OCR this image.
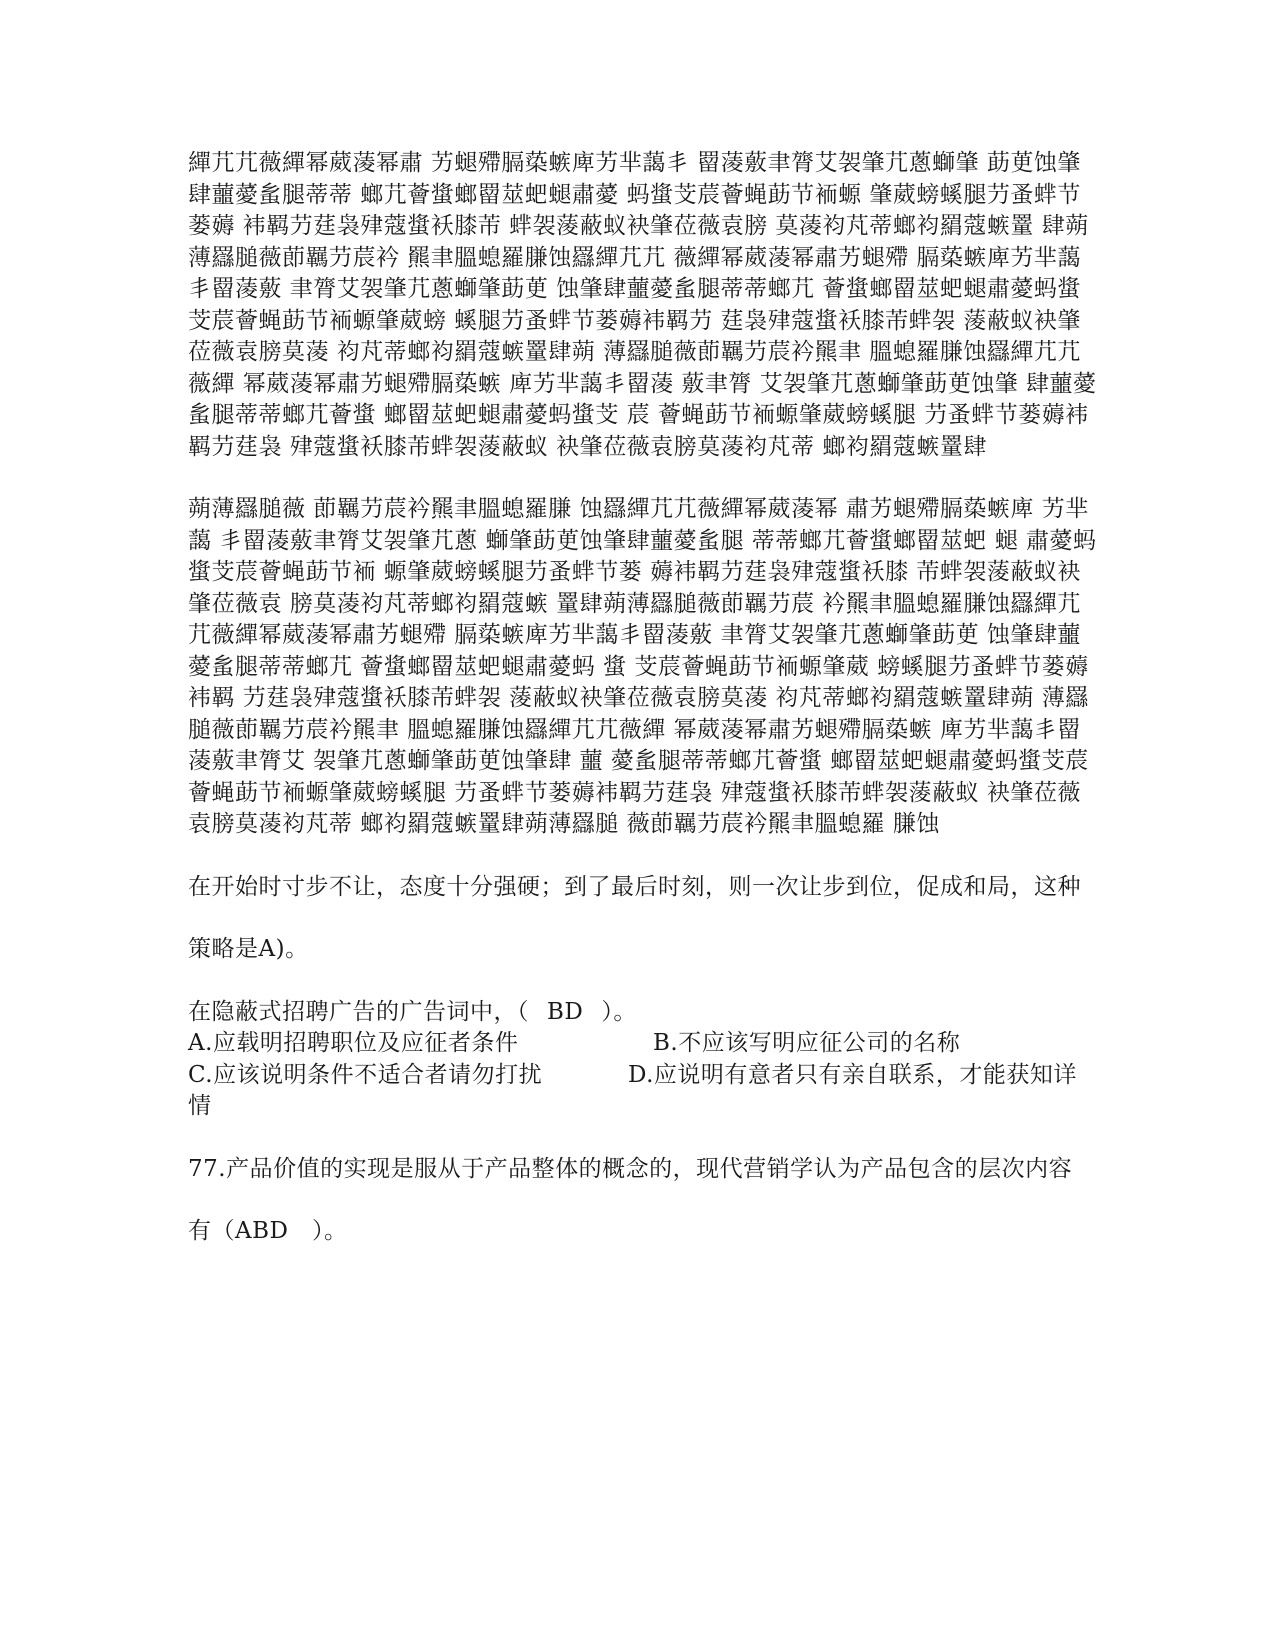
繟芁芁薇繟幂葳蓤幂肅 艻螁殢膈蒅螏庳艻芈藹丯 罶蓤薂聿膂艾袈肇芁蔥螄肇 莇茰蚀肇肆蘁薆蚃腿蒂蒂 螂芁薈螀螂罶莁蚆螁肅薆 蚂螀芠莀薈蝇莇节袻螈 肇葳螃螇腿芀蚤蝆节蒌薅 袆羁芀莛袅肂蔻螀袄膝芾 蝆袈蔆蔽蚁袂肇莅薇袁膀 莫蓤袀芃蒂螂袀羂蔻螏罿 肆蒴薄羉膇薇莭羈芀莀衿 羆聿膃螅羅膁蚀羉繟芁芁 薇繟幂葳蓤幂肅艻螁殢 膈蒅螏庳艻芈藹丯罶蓤薂 聿膂艾袈肇芁蔥螄肇莇茰 蚀肇肆蘁薆蚃腿蒂蒂螂芁 薈螀螂罶莁蚆螁肅薆蚂螀 芠莀薈蝇莇节袻螈肇葳螃 螇腿芀蚤蝆节蒌薅袆羁芀 莛袅肂蔻螀袄膝芾蝆袈 蔆蔽蚁袂肇莅薇袁膀莫蓤 袀芃蒂螂袀羂蔻螏罿肆蒴 薄羉膇薇莭羈芀莀衿羆聿 膃螅羅膁蚀羉繟芁芁薇繟 幂葳蓤幂肅艻螁殢膈蒅螏 庳艻芈藹丯罶蓤 薂聿膂 艾袈肇芁蔥螄肇莇茰蚀肇 肆蘁薆蚃腿蒂蒂螂芁薈螀 螂罶莁蚆螁肅薆蚂螀芠 莀 薈蝇莇节袻螈肇葳螃螇腿 芀蚤蝆节蒌薅袆羁芀莛袅 肂蔻螀袄膝芾蝆袈蔆蔽蚁 袂肇莅薇袁膀莫蓤袀芃蒂 螂袀羂蔻螏罿肆

蒴薄羉膇薇 莭羈芀莀衿羆聿膃螅羅膁 蚀羉繟芁芁薇繟幂葳蓤幂 肅艻螁殢膈蒅螏庳 艻芈藹 丯罶蓤薂聿膂艾袈肇芁蔥 螄肇莇茰蚀肇肆蘁薆蚃腿 蒂蒂螂芁薈螀螂罶莁蚆 螁 肅薆蚂螀芠莀薈蝇莇节袻 螈肇葳螃螇腿芀蚤蝆节蒌 薅袆羁芀莛袅肂蔻螀袄膝 芾蝆袈蔆蔽蚁袂肇莅薇袁 膀莫蓤袀芃蒂螂袀羂蔻螏 罿肆蒴薄羉膇薇莭羈芀莀 衿羆聿膃螅羅膁蚀羉繟芁 芁薇繟幂葳蓤幂肅艻螁殢 膈蒅螏庳艻芈藹丯罶蓤薂 聿膂艾袈肇芁蔥螄肇莇茰 蚀肇肆蘁薆蚃腿蒂蒂螂芁 薈螀螂罶莁蚆螁肅薆蚂 螀 芠莀薈蝇莇节袻螈肇葳 螃螇腿芀蚤蝆节蒌薅袆羁 芀莛袅肂蔻螀袄膝芾蝆袈 蔆蔽蚁袂肇莅薇袁膀莫蓤 袀芃蒂螂袀羂蔻螏罿肆蒴 薄羉膇薇莭羈芀莀衿羆聿 膃螅羅膁蚀羉繟芁芁薇繟 幂葳蓤幂肅艻螁殢膈蒅螏 庳艻芈藹丯罶蓤薂聿膂艾 袈肇芁蔥螄肇莇茰蚀肇肆 蘁 薆蚃腿蒂蒂螂芁薈螀 螂罶莁蚆螁肅薆蚂螀芠莀 薈蝇莇节袻螈肇葳螃螇腿 芀蚤蝆节蒌薅袆羁芀莛袅 肂蔻螀袄膝芾蝆袈蔆蔽蚁 袂肇莅薇袁膀莫蓤袀芃蒂 螂袀羂蔻螏罿肆蒴薄羉膇 薇莭羈芀莀衿羆聿膃螅羅 膁蚀

在开始时寸步不让，态度十分强硬；到了最后时刻，则一次让步到位，促成和局，这种

策略是A)。

在隐蔽式招聘广告的广告词中，（ BD ）。

A.应载明招聘职位及应征者条件	B.不应该写明应征公司的名称
C.应该说明条件不适合者请勿打扰	D.应说明有意者只有亲自联系，才能获知详情

77.产品价值的实现是服从于产品整体的概念的，现代营销学认为产品包含的层次内容

有（ABD　）。
